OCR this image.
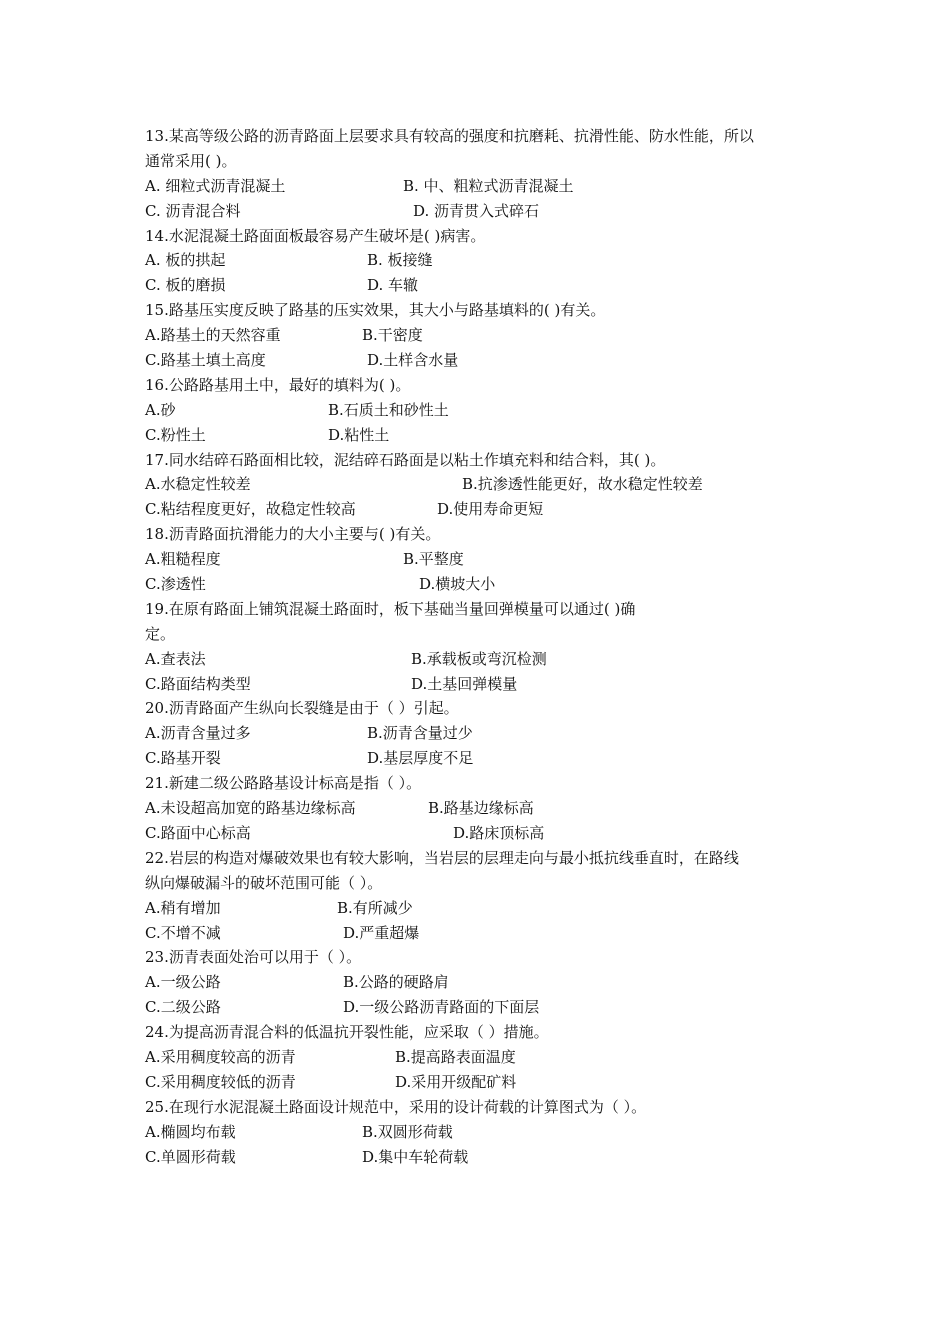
13.某高等级公路的沥青路面上层要求具有较高的强度和抗磨耗、抗滑性能、防水性能，所以
通常采用( )。
A. 细粒式沥青混凝土	B. 中、粗粒式沥青混凝土
C. 沥青混合料	D. 沥青贯入式碎石
14.水泥混凝土路面面板最容易产生破坏是( )病害。
A. 板的拱起	B. 板接缝
C. 板的磨损	D. 车辙
15.路基压实度反映了路基的压实效果，其大小与路基填料的( )有关。
A.路基土的天然容重	B.干密度
C.路基土填土高度	D.土样含水量
16.公路路基用土中，最好的填料为( )。
A.砂	B.石质土和砂性土
C.粉性土	D.粘性土
17.同水结碎石路面相比较，泥结碎石路面是以粘土作填充料和结合料，其( )。
A.水稳定性较差	B.抗渗透性能更好，故水稳定性较差
C.粘结程度更好，故稳定性较高	D.使用寿命更短
18.沥青路面抗滑能力的大小主要与( )有关。
A.粗糙程度	B.平整度
C.渗透性	D.横坡大小
19.在原有路面上铺筑混凝土路面时，板下基础当量回弹模量可以通过( )确
定。
A.查表法	B.承载板或弯沉检测
C.路面结构类型	D.土基回弹模量
20.沥青路面产生纵向长裂缝是由于（ ）引起。
A.沥青含量过多	B.沥青含量过少
C.路基开裂	D.基层厚度不足
21.新建二级公路路基设计标高是指（ ）。
A.未设超高加宽的路基边缘标高	B.路基边缘标高
C.路面中心标高	D.路床顶标高
22.岩层的构造对爆破效果也有较大影响，当岩层的层理走向与最小抵抗线垂直时，在路线
纵向爆破漏斗的破坏范围可能（ ）。
A.稍有增加	B.有所减少
C.不增不减	D.严重超爆
23.沥青表面处治可以用于（ ）。
A.一级公路	B.公路的硬路肩
C.二级公路	D.一级公路沥青路面的下面层
24.为提高沥青混合料的低温抗开裂性能，应采取（ ）措施。
A.采用稠度较高的沥青	B.提高路表面温度
C.采用稠度较低的沥青	D.采用开级配矿料
25.在现行水泥混凝土路面设计规范中，采用的设计荷载的计算图式为（ ）。
A.椭圆均布载	B.双圆形荷载
C.单圆形荷载	D.集中车轮荷载
